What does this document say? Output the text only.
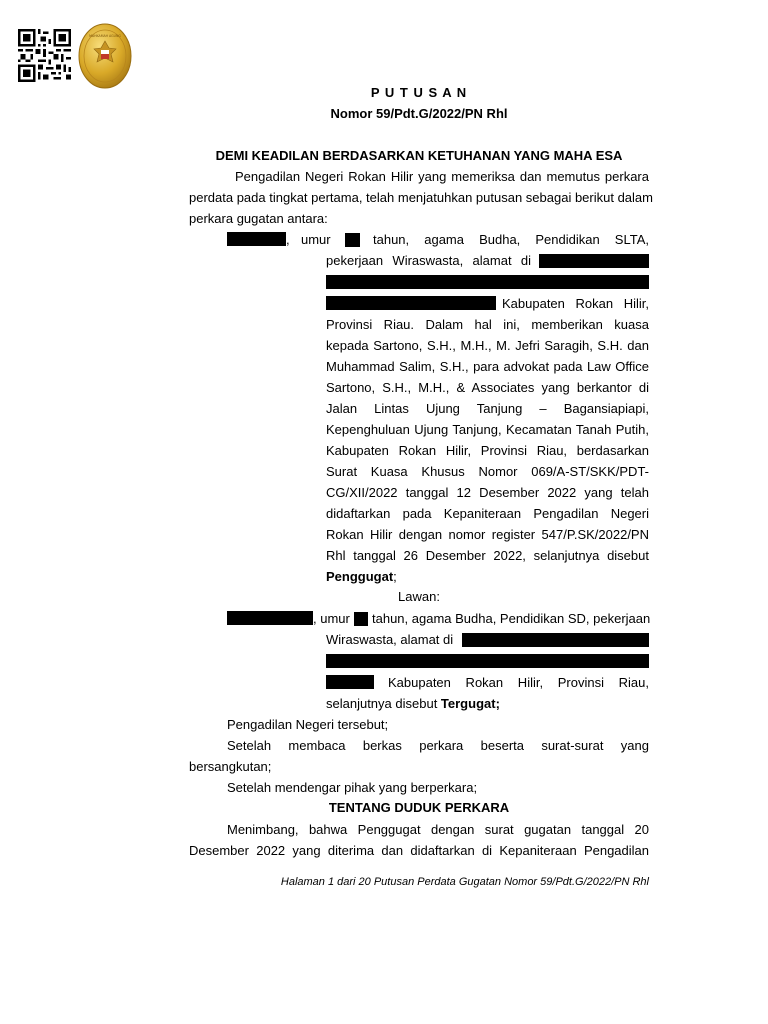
MAHKAMAH AGUNG
P U T U S A N
Nomor 59/Pdt.G/2022/PN Rhl
DEMI KEADILAN BERDASARKAN KETUHANAN YANG MAHA ESA
Pengadilan Negeri Rokan Hilir yang memeriksa dan memutus perkara
perdata pada tingkat pertama, telah menjatuhkan putusan sebagai berikut dalam
perkara gugatan antara:
, umur	tahun, agama Budha, Pendidikan SLTA,
pekerjaan Wiraswasta, alamat di
Kabupaten Rokan Hilir,
Provinsi Riau. Dalam hal ini, memberikan kuasa
kepada Sartono, S.H., M.H., M. Jefri Saragih, S.H. dan
Muhammad Salim, S.H., para advokat pada Law Office
Sartono, S.H., M.H., & Associates yang berkantor di
Jalan Lintas Ujung Tanjung – Bagansiapiapi,
Kepenghuluan Ujung Tanjung, Kecamatan Tanah Putih,
Kabupaten Rokan Hilir, Provinsi Riau, berdasarkan
Surat Kuasa Khusus Nomor 069/A-ST/SKK/PDT-
CG/XII/2022 tanggal 12 Desember 2022 yang telah
didaftarkan pada Kepaniteraan Pengadilan Negeri
Rokan Hilir dengan nomor register 547/P.SK/2022/PN
Rhl tanggal 26 Desember 2022, selanjutnya disebut
Penggugat;
Lawan:
, umur tahun, agama Budha, Pendidikan SD, pekerjaan
Wiraswasta, alamat di
Kabupaten Rokan Hilir, Provinsi Riau,
selanjutnya disebut Tergugat;
Pengadilan Negeri tersebut;
Setelah membaca berkas perkara beserta surat-surat yang
bersangkutan;
Setelah mendengar pihak yang berperkara;
TENTANG DUDUK PERKARA
Menimbang, bahwa Penggugat dengan surat gugatan tanggal 20
Desember 2022 yang diterima dan didaftarkan di Kepaniteraan Pengadilan
Halaman 1 dari 20 Putusan Perdata Gugatan Nomor 59/Pdt.G/2022/PN Rhl
